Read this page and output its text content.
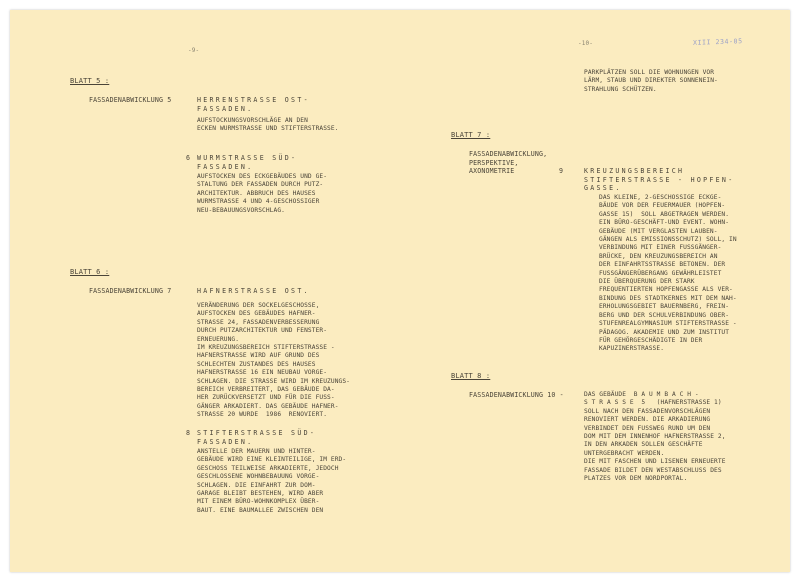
-9-
-10-	XIII 234-05
BLATT 5 :
FASSADENABWICKLUNG 5	HERRENSTRASSE OST-
FASSADEN.
AUFSTOCKUNGSVORSCHLÄGE AN DEN
ECKEN WURMSTRASSE UND STIFTERSTRASSE.
6 WURMSTRASSE SÜD-
FASSADEN.
AUFSTOCKEN DES ECKGEBÄUDES UND GE-
STALTUNG DER FASSADEN DURCH PUTZ-
ARCHITEKTUR. ABBRUCH DES HAUSES
WURMSTRASSE 4 UND 4-GESCHOSSIGER
NEU-BEBAUUNGSVORSCHLAG.
BLATT 6 :
FASSADENABWICKLUNG 7	HAFNERSTRASSE OST.
VERÄNDERUNG DER SOCKELGESCHOSSE,
AUFSTOCKEN DES GEBÄUDES HAFNER-
STRASSE 24, FASSADENVERBESSERUNG
DURCH PUTZARCHITEKTUR UND FENSTER-
ERNEUERUNG.
IM KREUZUNGSBEREICH STIFTERSTRASSE -
HAFNERSTRASSE WIRD AUF GRUND DES
SCHLECHTEN ZUSTANDES DES HAUSES
HAFNERSTRASSE 16 EIN NEUBAU VORGE-
SCHLAGEN. DIE STRASSE WIRD IM KREUZUNGS-
BEREICH VERBREITERT, DAS GEBÄUDE DA-
HER ZURÜCKVERSETZT UND FÜR DIE FUSS-
GÄNGER ARKADIERT. DAS GEBÄUDE HAFNER-
STRASSE 20 WURDE  1986  RENOVIERT.
8 STIFTERSTRASSE SÜD-
FASSADEN.
ANSTELLE DER MAUERN UND HINTER-
GEBÄUDE WIRD EINE KLEINTEILIGE, IM ERD-
GESCHOSS TEILWEISE ARKADIERTE, JEDOCH
GESCHLOSSENE WOHNBEBAUUNG VORGE-
SCHLAGEN. DIE EINFAHRT ZUR DOM-
GARAGE BLEIBT BESTEHEN, WIRD ABER
MIT EINEM BÜRO-WOHNKOMPLEX ÜBER-
BAUT. EINE BAUMALLEE ZWISCHEN DEN
PARKPLÄTZEN SOLL DIE WOHNUNGEN VOR
LÄRM, STAUB UND DIREKTER SONNENEIN-
STRAHLUNG SCHÜTZEN.
BLATT 7 :
FASSADENABWICKLUNG,
PERSPEKTIVE,
AXONOMETRIE	9	KREUZUNGSBEREICH
STIFTERSTRASSE - HOPFEN-
GASSE.
DAS KLEINE, 2-GESCHOSSIGE ECKGE-
BÄUDE VOR DER FEUERMAUER (HOPFEN-
GASSE 15)  SOLL ABGETRAGEN WERDEN.
EIN BÜRO-GESCHÄFT-UND EVENT. WOHN-
GEBÄUDE (MIT VERGLASTEN LAUBEN-
GÄNGEN ALS EMISSIONSSCHUTZ) SOLL, IN
VERBINDUNG MIT EINER FUSSGÄNGER-
BRÜCKE, DEN KREUZUNGSBEREICH AN
DER EINFAHRTSSTRASSE BETONEN. DER
FUSSGÄNGERÜBERGANG GEWÄHRLEISTET
DIE ÜBERQUERUNG DER STARK
FREQUENTIERTEN HOPFENGASSE ALS VER-
BINDUNG DES STADTKERNES MIT DEM NAH-
ERHOLUNGSGEBIET BAUERNBERG, FREIN-
BERG UND DER SCHULVERBINDUNG OBER-
STUFENREALGYMNASIUM STIFTERSTRASSE -
PÄDAGOG. AKADEMIE UND ZUM INSTITUT
FÜR GEHÖRGESCHÄDIGTE IN DER
KAPUZINERSTRASSE.
BLATT 8 :
FASSADENABWICKLUNG 10 -	DAS GEBÄUDE  B A U M B A C H -
S T R A S S E  5   (HAFNERSTRASSE 1)
SOLL NACH DEN FASSADENVORSCHLÄGEN
RENOVIERT WERDEN. DIE ARKADIERUNG
VERBINDET DEN FUSSWEG RUND UM DEN
DOM MIT DEM INNENHOF HAFNERSTRASSE 2,
IN DEN ARKADEN SOLLEN GESCHÄFTE
UNTERGEBRACHT WERDEN.
DIE MIT FASCHEN UND LISENEN ERNEUERTE
FASSADE BILDET DEN WESTABSCHLUSS DES
PLATZES VOR DEM NORDPORTAL.
